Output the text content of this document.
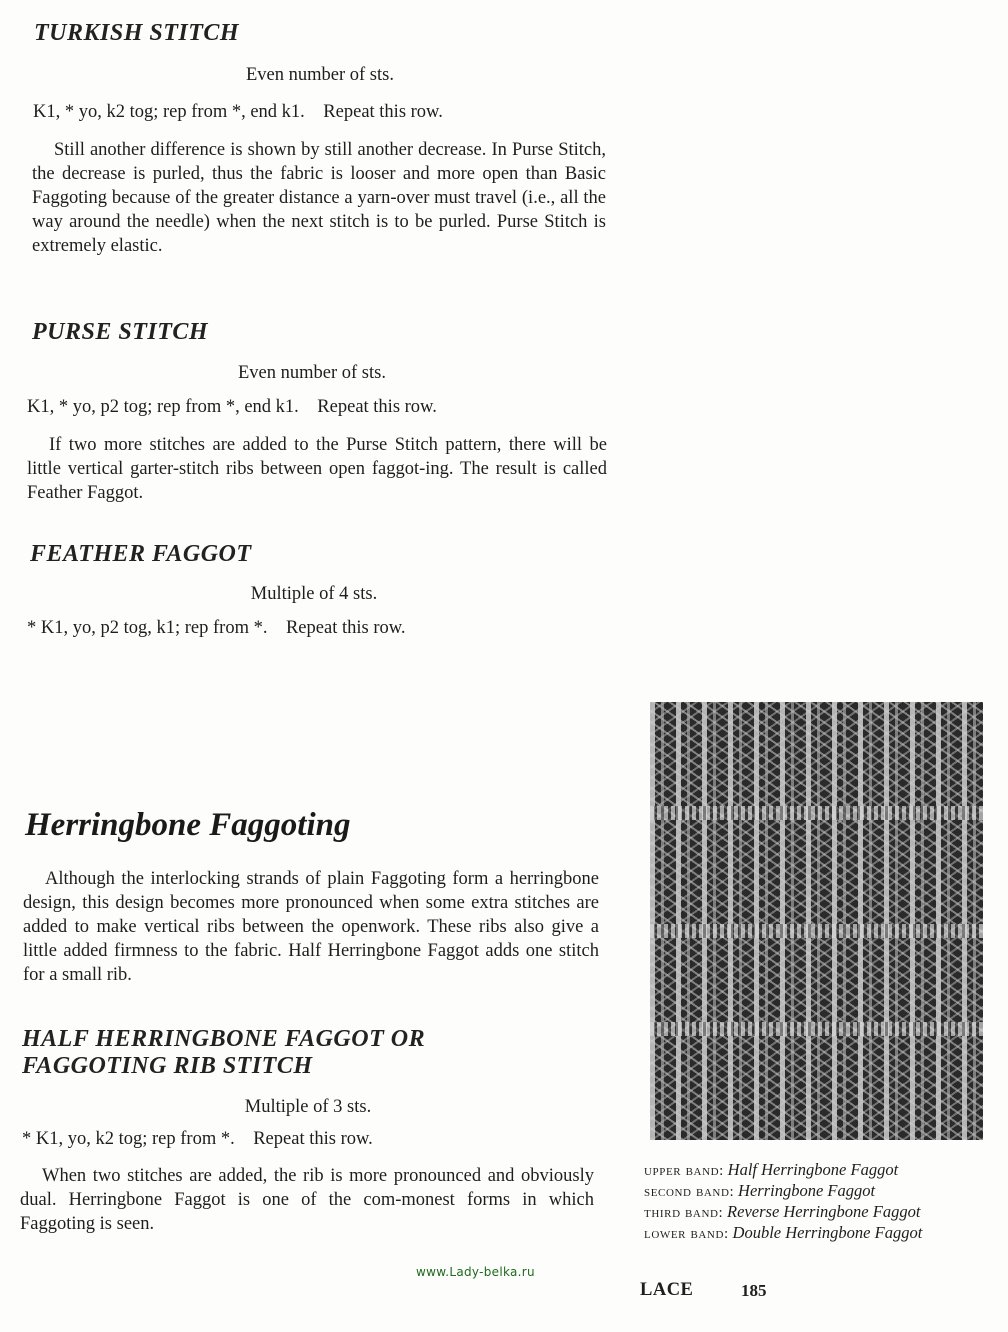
TURKISH STITCH
Even number of sts.
K1, * yo, k2 tog; rep from *, end k1.    Repeat this row.

Still another difference is shown by still another decrease. In Purse Stitch, the decrease is purled, thus the fabric is looser and more open than Basic Faggoting because of the greater distance a yarn-over must travel (i.e., all the way around the needle) when the next stitch is to be purled. Purse Stitch is extremely elastic.

PURSE STITCH
Even number of sts.
K1, * yo, p2 tog; rep from *, end k1.    Repeat this row.

If two more stitches are added to the Purse Stitch pattern, there will be little vertical garter-stitch ribs between open faggot-ing. The result is called Feather Faggot.

FEATHER FAGGOT
Multiple of 4 sts.
* K1, yo, p2 tog, k1; rep from *.    Repeat this row.
Herringbone Faggoting

Although the interlocking strands of plain Faggoting form a herringbone design, this design becomes more pronounced when some extra stitches are added to make vertical ribs between the openwork. These ribs also give a little added firmness to the fabric. Half Herringbone Faggot adds one stitch for a small rib.

HALF HERRINGBONE FAGGOT OR
FAGGOTING RIB STITCH
Multiple of 3 sts.
* K1, yo, k2 tog; rep from *.    Repeat this row.

When two stitches are added, the rib is more pronounced and obviously dual. Herringbone Faggot is one of the com-monest forms in which Faggoting is seen.

upper band: Half Herringbone Faggot
second band: Herringbone Faggot
third band: Reverse Herringbone Faggot
lower band: Double Herringbone Faggot
www.Lady-belka.ru
LACE	185
